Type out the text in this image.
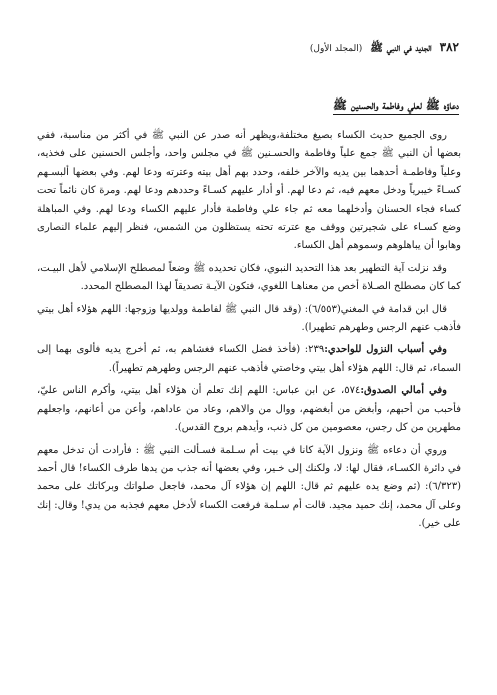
٣٨٢
الجديد في النبي ﷺ
(المجلد الأول)
دعاؤه ﷺ لعلي وفاطمة والحسنين ﷺ

روى الجميع حديث الكساء بصيغ مختلفة،ويظهر أنه صدر عن النبي ﷺ في أكثر من مناسبة، ففي بعضها أن النبي ﷺ جمع علياً وفاطمة والحسـنين ﷺ في مجلس واحد، وأجلس الحسنين على فخذيه، وعلياً وفاطمـة أحدهما بين يديه والآخر خلفه، وحدد بهم أهل بيته وعترته ودعا لهم. وفي بعضها ألبسـهم كسـاءً خيبرياً ودخل معهم فيه، ثم دعا لهم. أو أدار عليهم كسـاءً وحددهم ودعا لهم. ومرة كان نائماً تحت كساء فجاء الحسنان وأدخلهما معه ثم جاء علي وفاطمة فأدار عليهم الكساء ودعا لهم. وفي المباهلة وضع كسـاء على شجيرتين ووقف مع عترته تحته يستظلون من الشمس، فنظر إليهم علماء النصارى وهابوا أن يباهلوهم وسموهم أهل الكساء.

وقد نزلت آية التطهير بعد هذا التحديد النبوي، فكان تحديده ﷺ وضعاً لمصطلح الإسلامي لأهل البيـت، كما كان مصطلح الصـلاة أخص من معناهـا اللغوي، فتكون الآيـة تصديقاً لهذا المصطلح المحدد.

قال ابن قدامة في المغني(٦/٥٥٣): (وقد قال النبي ﷺ لفاطمة وولديها وزوجها: اللهم هؤلاء أهل بيتي فأذهب عنهم الرجس وطهرهم تطهيرا).

وفي أسباب النزول للواحدي:٢٣٩: (فأخذ فضل الكساء فغشاهم به، ثم أخرج يديه فألوى بهما إلى السماء، ثم قال: اللهم هؤلاء أهل بيتي وخاصتي فأذهب عنهم الرجس وطهرهم تطهيراً).

وفي أمالي الصدوق:٥٧٤، عن ابن عباس: اللهم إنك تعلم أن هؤلاء أهل بيتي، وأكرم الناس عليّ، فأحبب من أحبهم، وأبغض من أبغضهم، ووال من والاهم، وعاد من عاداهم، وأعن من أعانهم، واجعلهم مطهرين من كل رجس، معصومين من كل ذنب، وأيدهم بروح القدس).

وروي أن دعاءه ﷺ ونزول الآية كانا في بيت أم سـلمة فسـألت النبي ﷺ : فأرادت أن تدخل معهم في دائرة الكسـاء، فقال لها: لا، ولكنك إلى خـير، وفي بعضها أنه جذب من يدها طرف الكساء! قال أحمد (٦/٣٢٣): (ثم وضع يده عليهم ثم قال: اللهم إن هؤلاء آل محمد، فاجعل صلواتك وبركاتك على محمد وعلى آل محمد، إنك حميد مجيد. قالت أم سـلمة فرفعت الكساء لأدخل معهم فجذبه من يدي! وقال: إنك على خير).
